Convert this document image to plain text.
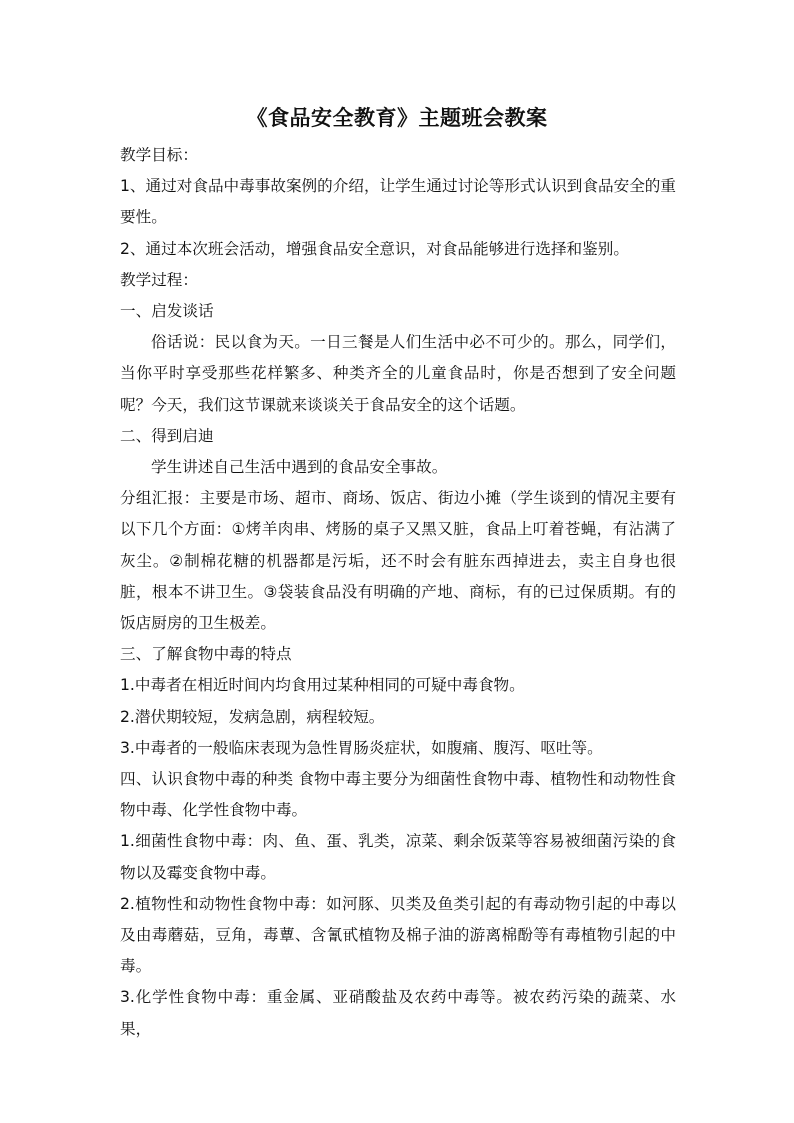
《食品安全教育》主题班会教案

教学目标：

1、通过对食品中毒事故案例的介绍，让学生通过讨论等形式认识到食品安全的重要性。

2、通过本次班会活动，增强食品安全意识，对食品能够进行选择和鉴别。

教学过程：

一、启发谈话

俗话说：民以食为天。一日三餐是人们生活中必不可少的。那么，同学们，当你平时享受那些花样繁多、种类齐全的儿童食品时，你是否想到了安全问题呢？今天，我们这节课就来谈谈关于食品安全的这个话题。

二、得到启迪

学生讲述自己生活中遇到的食品安全事故。

分组汇报：主要是市场、超市、商场、饭店、街边小摊（学生谈到的情况主要有以下几个方面：①烤羊肉串、烤肠的桌子又黑又脏，食品上叮着苍蝇，有沾满了灰尘。②制棉花糖的机器都是污垢，还不时会有脏东西掉进去，卖主自身也很脏，根本不讲卫生。③袋装食品没有明确的产地、商标，有的已过保质期。有的饭店厨房的卫生极差。

三、了解食物中毒的特点

1.中毒者在相近时间内均食用过某种相同的可疑中毒食物。

2.潜伏期较短，发病急剧，病程较短。

3.中毒者的一般临床表现为急性胃肠炎症状，如腹痛、腹泻、呕吐等。

四、认识食物中毒的种类 食物中毒主要分为细菌性食物中毒、植物性和动物性食物中毒、化学性食物中毒。

1.细菌性食物中毒：肉、鱼、蛋、乳类，凉菜、剩余饭菜等容易被细菌污染的食物以及霉变食物中毒。

2.植物性和动物性食物中毒：如河豚、贝类及鱼类引起的有毒动物引起的中毒以及由毒蘑菇，豆角，毒蕈、含氰甙植物及棉子油的游离棉酚等有毒植物引起的中毒。

3.化学性食物中毒：重金属、亚硝酸盐及农药中毒等。被农药污染的蔬菜、水果，
